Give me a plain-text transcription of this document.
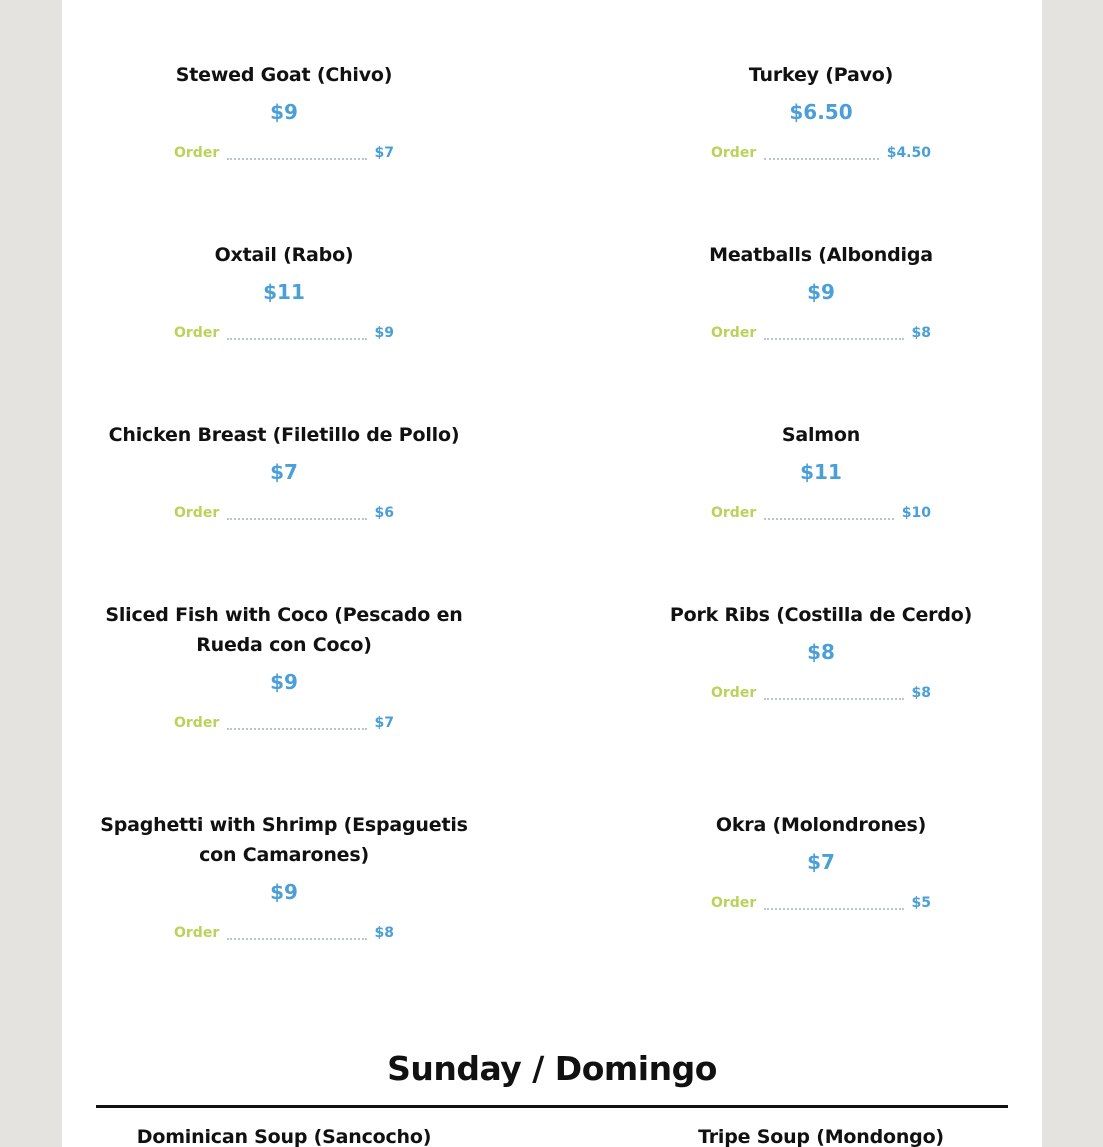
Stewed Goat (Chivo)
$9
Order	$7
Turkey (Pavo)
$6.50
Order	$4.50
Oxtail (Rabo)
$11
Order	$9
Meatballs (Albondiga
$9
Order	$8
Chicken Breast (Filetillo de Pollo)
$7
Order	$6
Salmon
$11
Order	$10
Sliced Fish with Coco (Pescado en Rueda con Coco)
$9
Order	$7
Pork Ribs (Costilla de Cerdo)
$8
Order	$8
Spaghetti with Shrimp (Espaguetis con Camarones)
$9
Order	$8
Okra (Molondrones)
$7
Order	$5
Sunday / Domingo
Dominican Soup (Sancocho)	Tripe Soup (Mondongo)
